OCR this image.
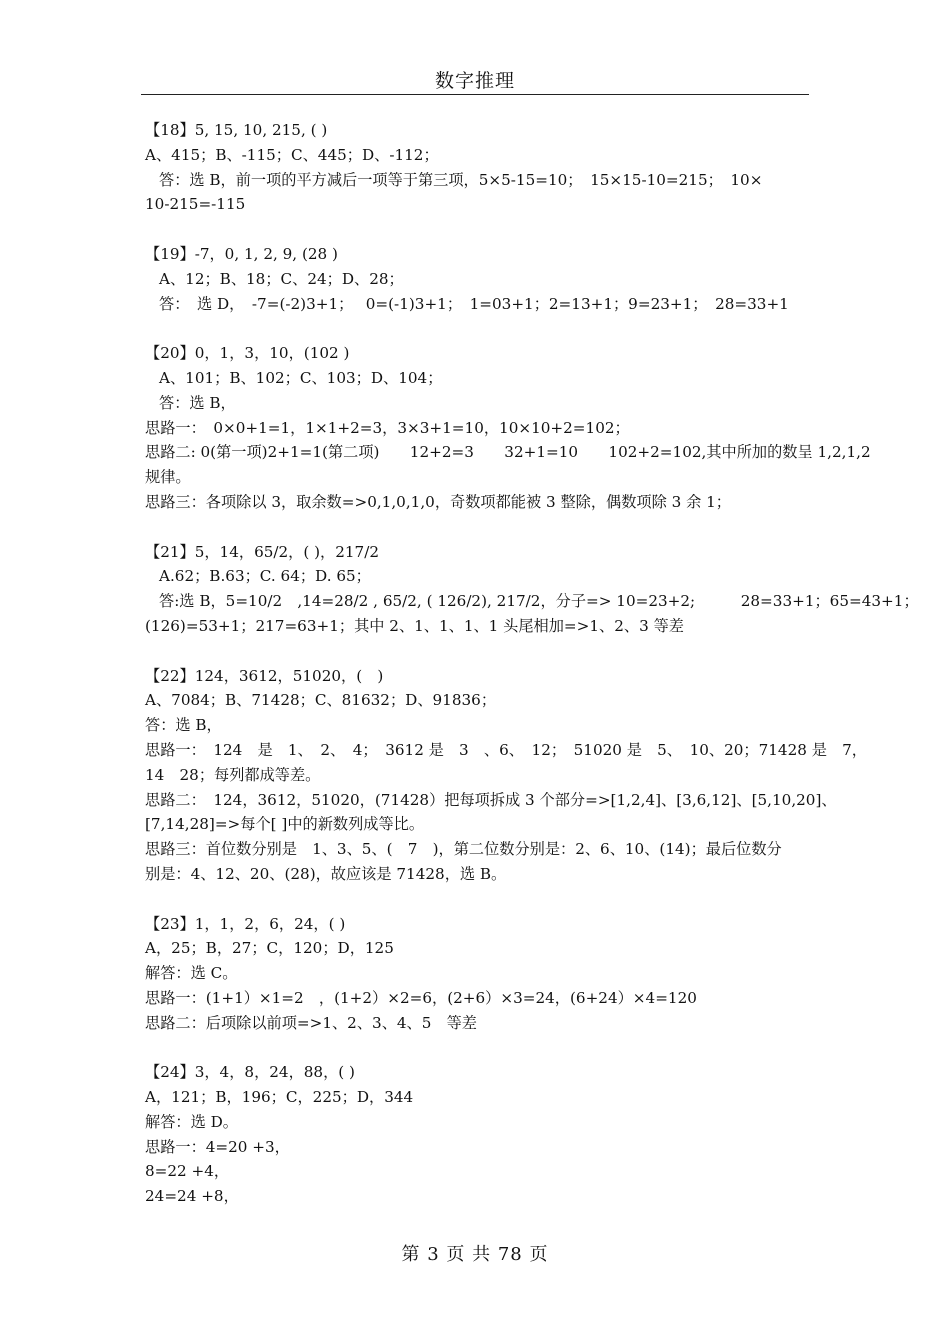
数字推理
【18】5, 15, 10, 215, ( )
A、415；B、-115；C、445；D、-112；
答：选 B，前一项的平方减后一项等于第三项，5×5-15=10；　15×15-10=215；　10×
10-215=-115
【19】-7，0, 1, 2, 9, (28 )
A、12；B、18；C、24；D、28；
答：　选 D，　-7=(-2)3+1；　 0=(-1)3+1；　1=03+1；2=13+1；9=23+1；　28=33+1
【20】0，1，3，10，(102 )
A、101；B、102；C、103；D、104；
答：选 B，
思路一：　0×0+1=1，1×1+2=3，3×3+1=10，10×10+2=102；
思路二: 0(第一项)2+1=1(第二项)　　12+2=3　　32+1=10　　102+2=102,其中所加的数呈 1,2,1,2
规律。
思路三：各项除以 3，取余数=>0,1,0,1,0，奇数项都能被 3 整除，偶数项除 3 余 1；
【21】5，14，65/2，( )，217/2
A.62；B.63；C. 64；D. 65；
答:选 B，5=10/2　,14=28/2 , 65/2, ( 126/2), 217/2，分子=> 10=23+2;　　　28=33+1；65=43+1；
(126)=53+1；217=63+1；其中 2、1、1、1、1 头尾相加=>1、2、3 等差
【22】124，3612，51020，(　)
A、7084；B、71428；C、81632；D、91836；
答：选 B，
思路一：　124　是　1、　2、　4；　3612 是　3　、6、　12；　51020 是　5、　10、20；71428 是　7，
14　28；每列都成等差。
思路二：　124，3612，51020，(71428）把每项拆成 3 个部分=>[1,2,4]、[3,6,12]、[5,10,20]、
[7,14,28]=>每个[ ]中的新数列成等比。
思路三：首位数分别是　1、3、5、(　7　)，第二位数分别是：2、6、10、(14)；最后位数分
别是：4、12、20、(28)，故应该是 71428，选 B。
【23】1，1，2，6，24，( )
A，25；B，27；C，120；D，125
解答：选 C。
思路一：(1+1）×1=2　，(1+2）×2=6，(2+6）×3=24，(6+24）×4=120
思路二：后项除以前项=>1、2、3、4、5　等差
【24】3，4，8，24，88，( )
A，121；B，196；C，225；D，344
解答：选 D。
思路一：4=20 +3，
8=22 +4，
24=24 +8，
第 3 页 共 78 页
